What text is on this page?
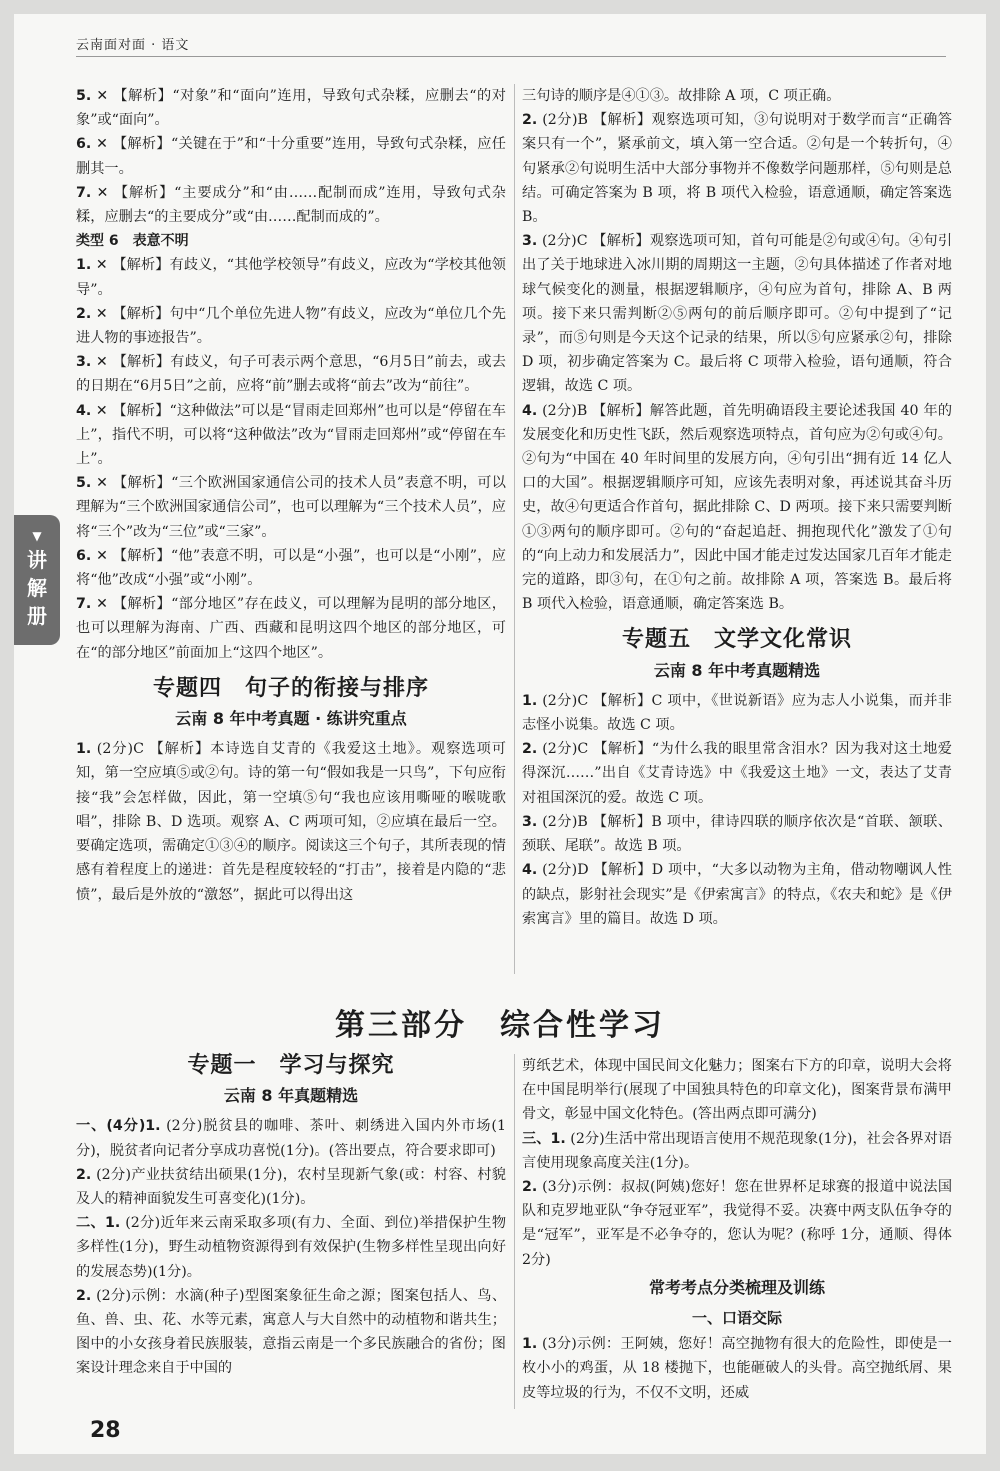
云南面对面 · 语文

5. ✕ 【解析】“对象”和“面向”连用，导致句式杂糅，应删去“的对象”或“面向”。

6. ✕ 【解析】“关键在于”和“十分重要”连用，导致句式杂糅，应任删其一。

7. ✕ 【解析】“主要成分”和“由……配制而成”连用，导致句式杂糅，应删去“的主要成分”或“由……配制而成的”。

类型 6　表意不明

1. ✕ 【解析】有歧义，“其他学校领导”有歧义，应改为“学校其他领导”。

2. ✕ 【解析】句中“几个单位先进人物”有歧义，应改为“单位几个先进人物的事迹报告”。

3. ✕ 【解析】有歧义，句子可表示两个意思，“6月5日”前去，或去的日期在“6月5日”之前，应将“前”删去或将“前去”改为“前往”。

4. ✕ 【解析】“这种做法”可以是“冒雨走回郑州”也可以是“停留在车上”，指代不明，可以将“这种做法”改为“冒雨走回郑州”或“停留在车上”。

5. ✕ 【解析】“三个欧洲国家通信公司的技术人员”表意不明，可以理解为“三个欧洲国家通信公司”，也可以理解为“三个技术人员”，应将“三个”改为“三位”或“三家”。

6. ✕ 【解析】“他”表意不明，可以是“小强”，也可以是“小刚”，应将“他”改成“小强”或“小刚”。

7. ✕ 【解析】“部分地区”存在歧义，可以理解为昆明的部分地区，也可以理解为海南、广西、西藏和昆明这四个地区的部分地区，可在“的部分地区”前面加上“这四个地区”。

专题四　句子的衔接与排序
云南 8 年中考真题 · 练讲究重点

1. (2分)C 【解析】本诗选自艾青的《我爱这土地》。观察选项可知，第一空应填⑤或②句。诗的第一句“假如我是一只鸟”，下句应衔接“我”会怎样做，因此，第一空填⑤句“我也应该用嘶哑的喉咙歌唱”，排除 B、D 选项。观察 A、C 两项可知，②应填在最后一空。要确定选项，需确定①③④的顺序。阅读这三个句子，其所表现的情感有着程度上的递进：首先是程度较轻的“打击”，接着是内隐的“悲愤”，最后是外放的“激怒”，据此可以得出这

三句诗的顺序是④①③。故排除 A 项，C 项正确。

2. (2分)B 【解析】观察选项可知，③句说明对于数学而言“正确答案只有一个”，紧承前文，填入第一空合适。②句是一个转折句，④句紧承②句说明生活中大部分事物并不像数学问题那样，⑤句则是总结。可确定答案为 B 项，将 B 项代入检验，语意通顺，确定答案选 B。

3. (2分)C 【解析】观察选项可知，首句可能是②句或④句。④句引出了关于地球进入冰川期的周期这一主题，②句具体描述了作者对地球气候变化的测量，根据逻辑顺序，④句应为首句，排除 A、B 两项。接下来只需判断②⑤两句的前后顺序即可。②句中提到了“记录”，而⑤句则是今天这个记录的结果，所以⑤句应紧承②句，排除 D 项，初步确定答案为 C。最后将 C 项带入检验，语句通顺，符合逻辑，故选 C 项。

4. (2分)B 【解析】解答此题，首先明确语段主要论述我国 40 年的发展变化和历史性飞跃，然后观察选项特点，首句应为②句或④句。②句为“中国在 40 年时间里的发展方向，④句引出“拥有近 14 亿人口的大国”。根据逻辑顺序可知，应该先表明对象，再述说其奋斗历史，故④句更适合作首句，据此排除 C、D 两项。接下来只需要判断①③两句的顺序即可。②句的“奋起追赶、拥抱现代化”激发了①句的“向上动力和发展活力”，因此中国才能走过发达国家几百年才能走完的道路，即③句，在①句之前。故排除 A 项，答案选 B。最后将 B 项代入检验，语意通顺，确定答案选 B。

专题五　文学文化常识
云南 8 年中考真题精选

1. (2分)C 【解析】C 项中，《世说新语》应为志人小说集，而并非志怪小说集。故选 C 项。

2. (2分)C 【解析】“为什么我的眼里常含泪水？因为我对这土地爱得深沉……”出自《艾青诗选》中《我爱这土地》一文，表达了艾青对祖国深沉的爱。故选 C 项。

3. (2分)B 【解析】B 项中，律诗四联的顺序依次是“首联、颔联、颈联、尾联”。故选 B 项。

4. (2分)D 【解析】D 项中，“大多以动物为主角，借动物嘲讽人性的缺点，影射社会现实”是《伊索寓言》的特点，《农夫和蛇》是《伊索寓言》里的篇目。故选 D 项。

第三部分　综合性学习
专题一　学习与探究
云南 8 年真题精选

一、(4分)1. (2分)脱贫县的咖啡、茶叶、刺绣进入国内外市场(1分)，脱贫者向记者分享成功喜悦(1分)。(答出要点，符合要求即可)

2. (2分)产业扶贫结出硕果(1分)，农村呈现新气象(或：村容、村貌及人的精神面貌发生可喜变化)(1分)。

二、1. (2分)近年来云南采取多项(有力、全面、到位)举措保护生物多样性(1分)，野生动植物资源得到有效保护(生物多样性呈现出向好的发展态势)(1分)。

2. (2分)示例：水滴(种子)型图案象征生命之源；图案包括人、鸟、鱼、兽、虫、花、水等元素，寓意人与大自然中的动植物和谐共生；图中的小女孩身着民族服装，意指云南是一个多民族融合的省份；图案设计理念来自于中国的

剪纸艺术，体现中国民间文化魅力；图案右下方的印章，说明大会将在中国昆明举行(展现了中国独具特色的印章文化)，图案背景布满甲骨文，彰显中国文化特色。(答出两点即可满分)

三、1. (2分)生活中常出现语言使用不规范现象(1分)，社会各界对语言使用现象高度关注(1分)。

2. (3分)示例：叔叔(阿姨)您好！您在世界杯足球赛的报道中说法国队和克罗地亚队“争夺冠亚军”，我觉得不妥。决赛中两支队伍争夺的是“冠军”，亚军是不必争夺的，您认为呢？(称呼 1分，通顺、得体 2分)

常考考点分类梳理及训练
一、口语交际

1. (3分)示例：王阿姨，您好！高空抛物有很大的危险性，即使是一枚小小的鸡蛋，从 18 楼抛下，也能砸破人的头骨。高空抛纸屑、果皮等垃圾的行为，不仅不文明，还威

28
▼
讲
解
册
